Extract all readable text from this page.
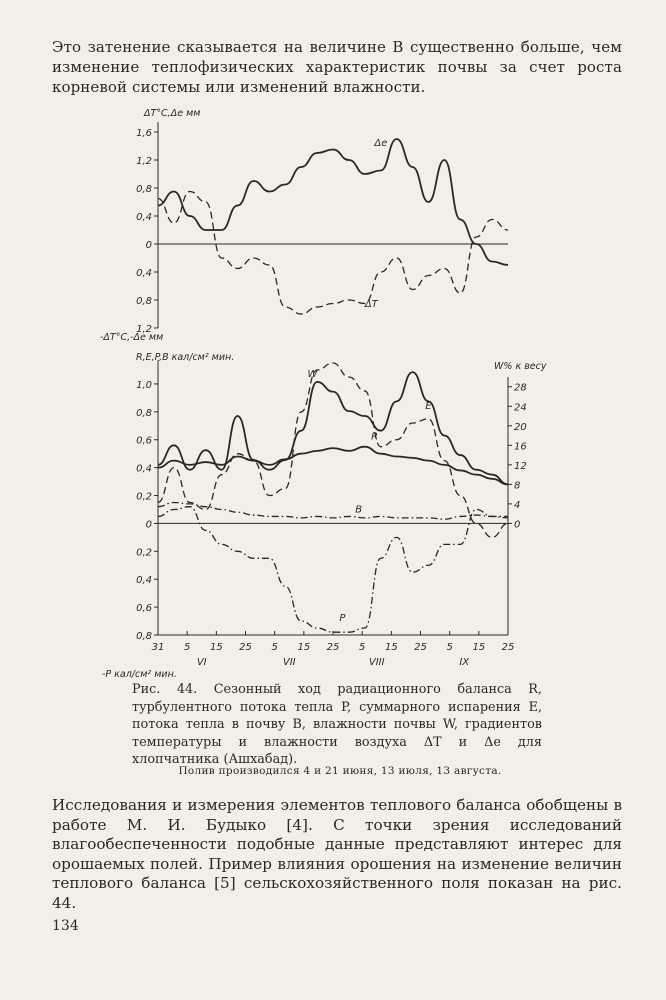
Это затенение сказывается на величине B существенно больше, чем изменение теплофизических характеристик почвы за счет роста корневой системы или изменений влажности.
1,6
1,2
0,8
0,4
0
0,4
0,8
1,2
ΔT°C,Δe мм
-ΔT°C,-Δe мм
Δe
ΔT
1,0
0,8
0,6
0,4
0,2
0
0,2
0,4
0,6
0,8
28
24
20
16
12
8
4
0
R,E,P,B кал/см² мин.
-P кал/см² мин.
W% к весу
31 5 15 25 5 15 25 5 15 25 5 15 25
VI	VII	VIII	IX
W
E
R
B
P
Рис. 44. Сезонный ход радиационного баланса R, турбулентного потока тепла P, суммарного испарения E, потока тепла в почву B, влажности почвы W, градиентов температуры и влажности воздуха ΔT и Δe для хлопчатника (Ашхабад).
Полив производился 4 и 21 июня, 13 июля, 13 августа.
Исследования и измерения элементов теплового баланса обобщены в работе М. И. Будыко [4]. С точки зрения исследований влагообеспеченности подобные данные представляют интерес для орошаемых полей. Пример влияния орошения на изменение величин теплового баланса [5] сельскохозяйственного поля показан на рис. 44.
134
